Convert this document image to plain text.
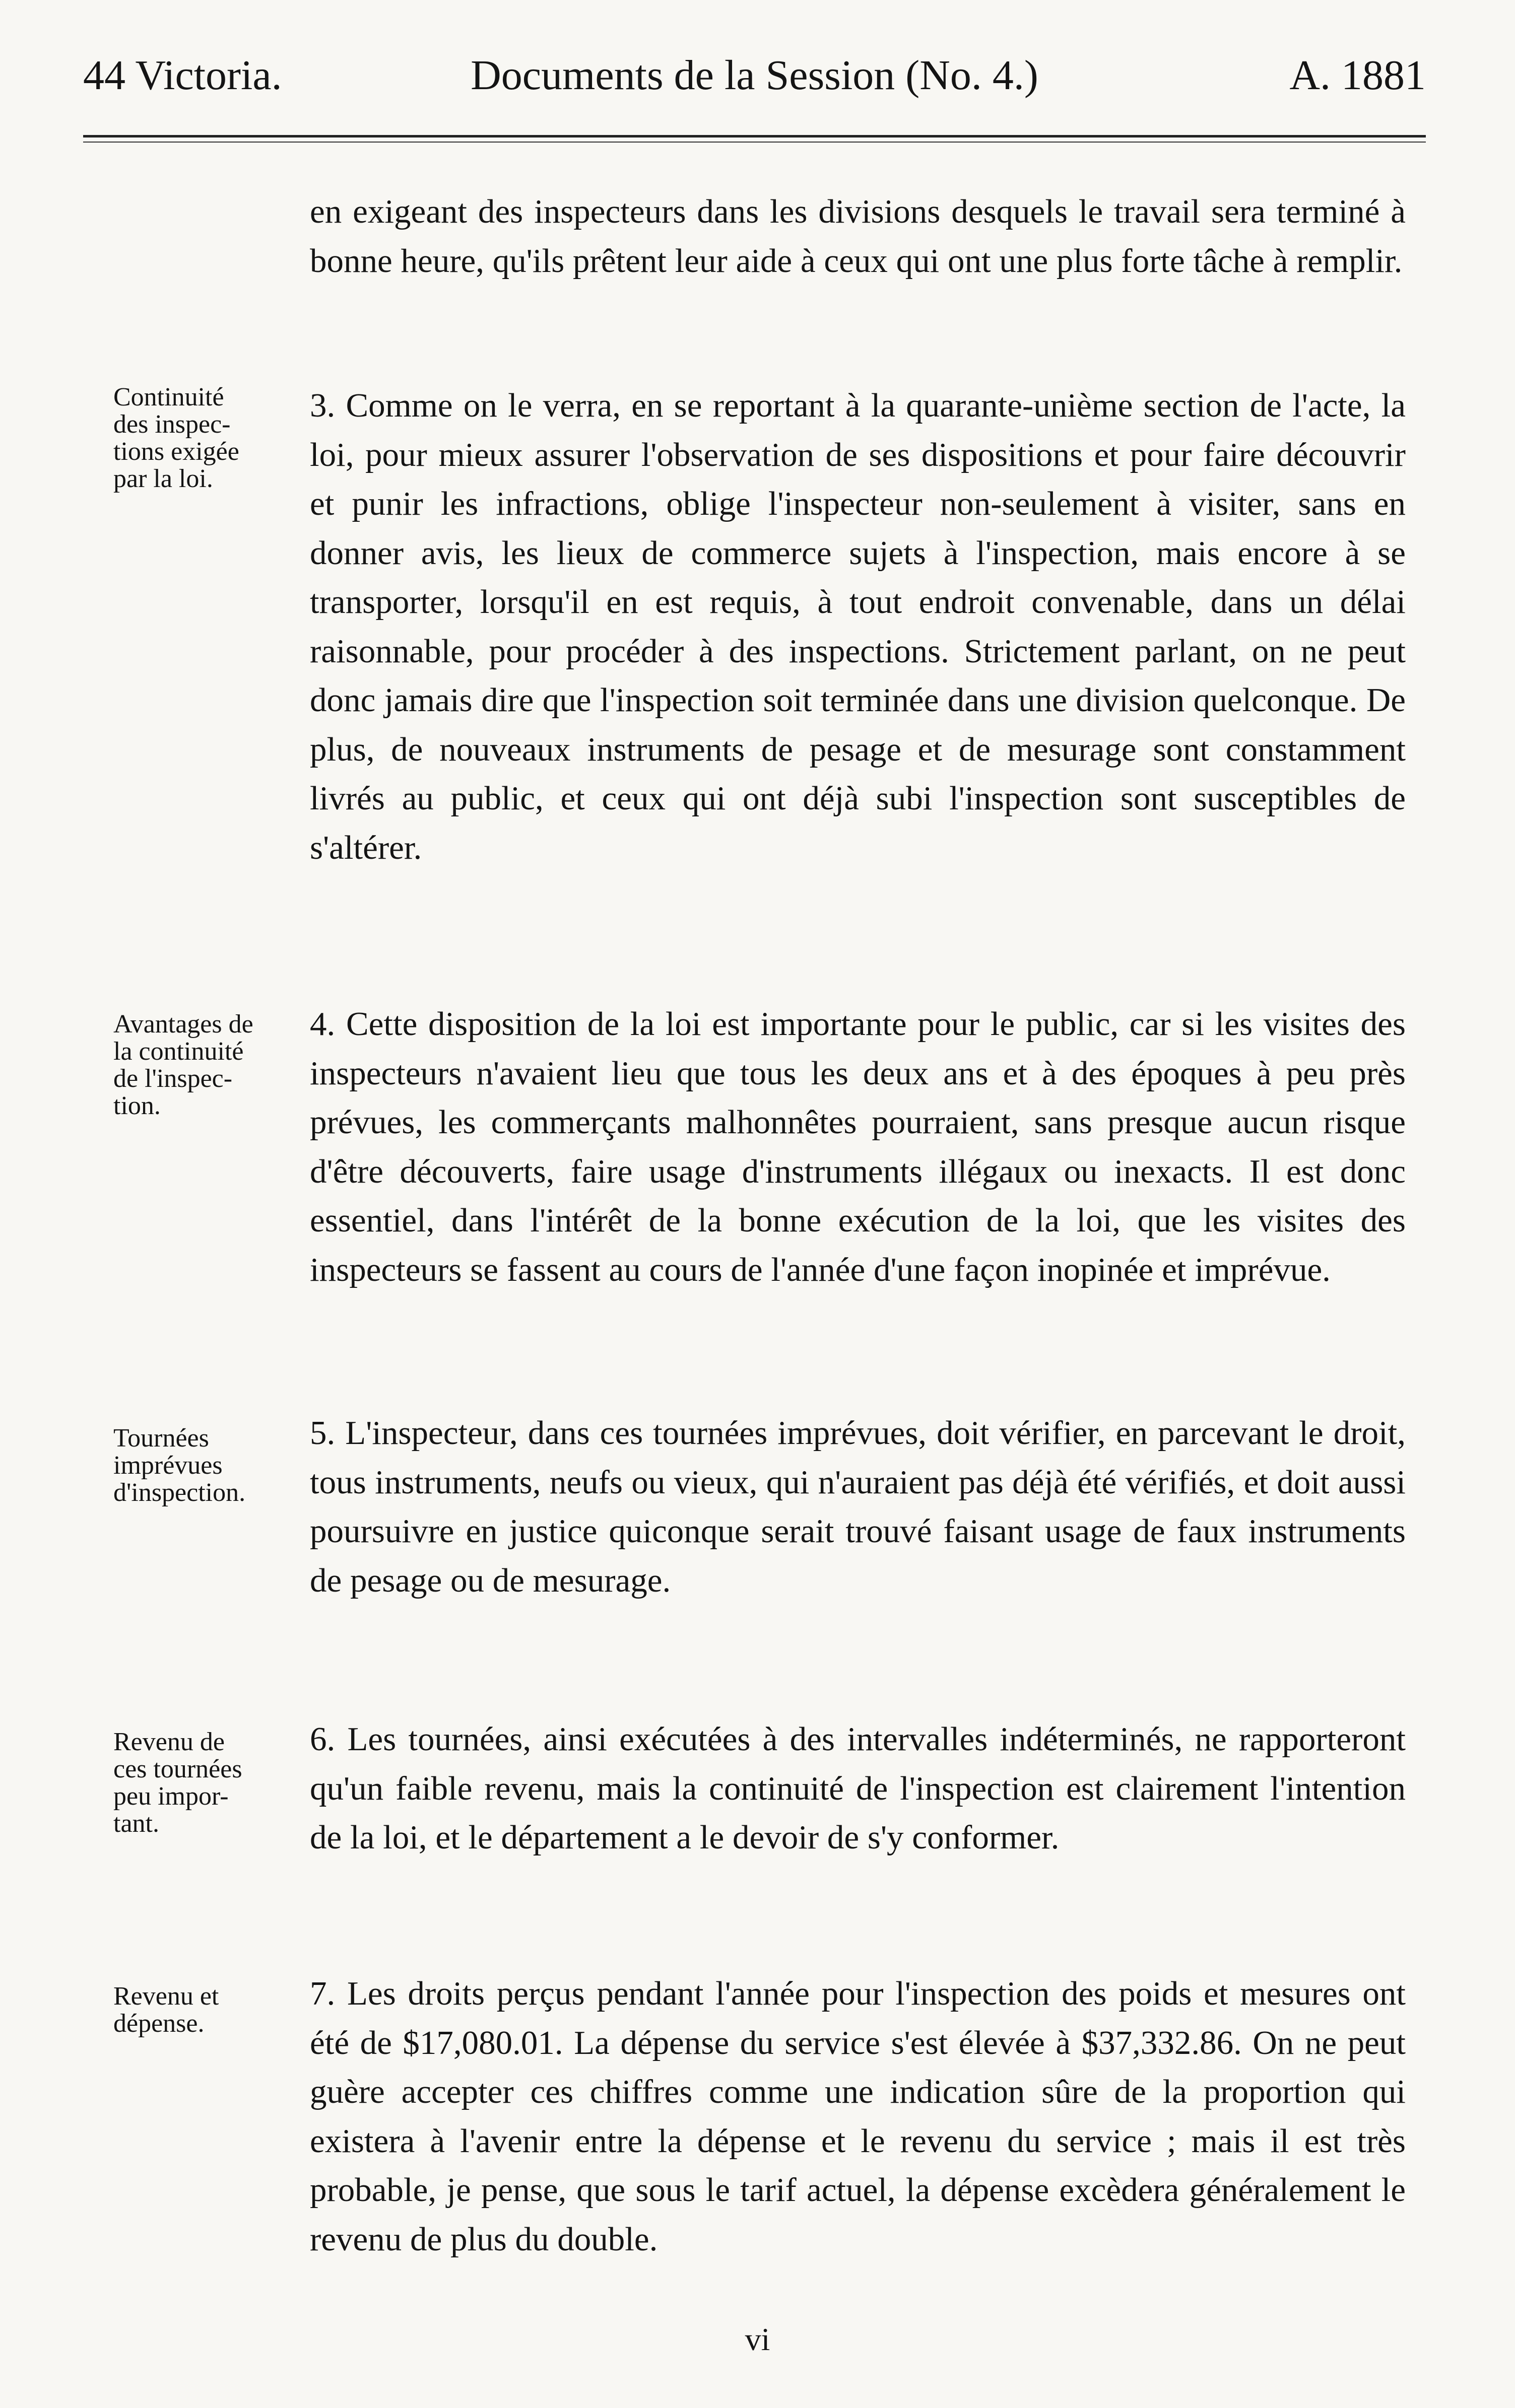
44 Victoria.	Documents de la Session (No. 4.)	A. 1881

en exigeant des inspecteurs dans les divisions desquels le travail sera terminé à bonne heure, qu'ils prêtent leur aide à ceux qui ont une plus forte tâche à remplir.

Continuité
des inspec-
tions exigée
par la loi.

3. Comme on le verra, en se reportant à la quarante-unième section de l'acte, la loi, pour mieux assurer l'observation de ses dispositions et pour faire découvrir et punir les infractions, oblige l'inspecteur non-seulement à visiter, sans en donner avis, les lieux de commerce sujets à l'inspection, mais encore à se transporter, lorsqu'il en est requis, à tout endroit convenable, dans un délai raisonnable, pour procéder à des inspections. Strictement parlant, on ne peut donc jamais dire que l'inspection soit terminée dans une division quelconque. De plus, de nouveaux instruments de pesage et de mesurage sont constamment livrés au public, et ceux qui ont déjà subi l'inspection sont susceptibles de s'altérer.

Avantages de
la continuité
de l'inspec-
tion.

4. Cette disposition de la loi est importante pour le public, car si les visites des inspecteurs n'avaient lieu que tous les deux ans et à des époques à peu près prévues, les commerçants malhonnêtes pourraient, sans presque aucun risque d'être découverts, faire usage d'instruments illégaux ou inexacts. Il est donc essentiel, dans l'intérêt de la bonne exécution de la loi, que les visites des inspecteurs se fassent au cours de l'année d'une façon inopinée et imprévue.

Tournées
imprévues
d'inspection.

5. L'inspecteur, dans ces tournées imprévues, doit vérifier, en parcevant le droit, tous instruments, neufs ou vieux, qui n'auraient pas déjà été vérifiés, et doit aussi poursuivre en justice quiconque serait trouvé faisant usage de faux instruments de pesage ou de mesurage.

Revenu de
ces tournées
peu impor-
tant.

6. Les tournées, ainsi exécutées à des intervalles indéterminés, ne rapporteront qu'un faible revenu, mais la continuité de l'inspection est clairement l'intention de la loi, et le département a le devoir de s'y conformer.

Revenu et
dépense.

7. Les droits perçus pendant l'année pour l'inspection des poids et mesures ont été de $17,080.01. La dépense du service s'est élevée à $37,332.86. On ne peut guère accepter ces chiffres comme une indication sûre de la proportion qui existera à l'avenir entre la dépense et le revenu du service ; mais il est très probable, je pense, que sous le tarif actuel, la dépense excèdera généralement le revenu de plus du double.

vi
